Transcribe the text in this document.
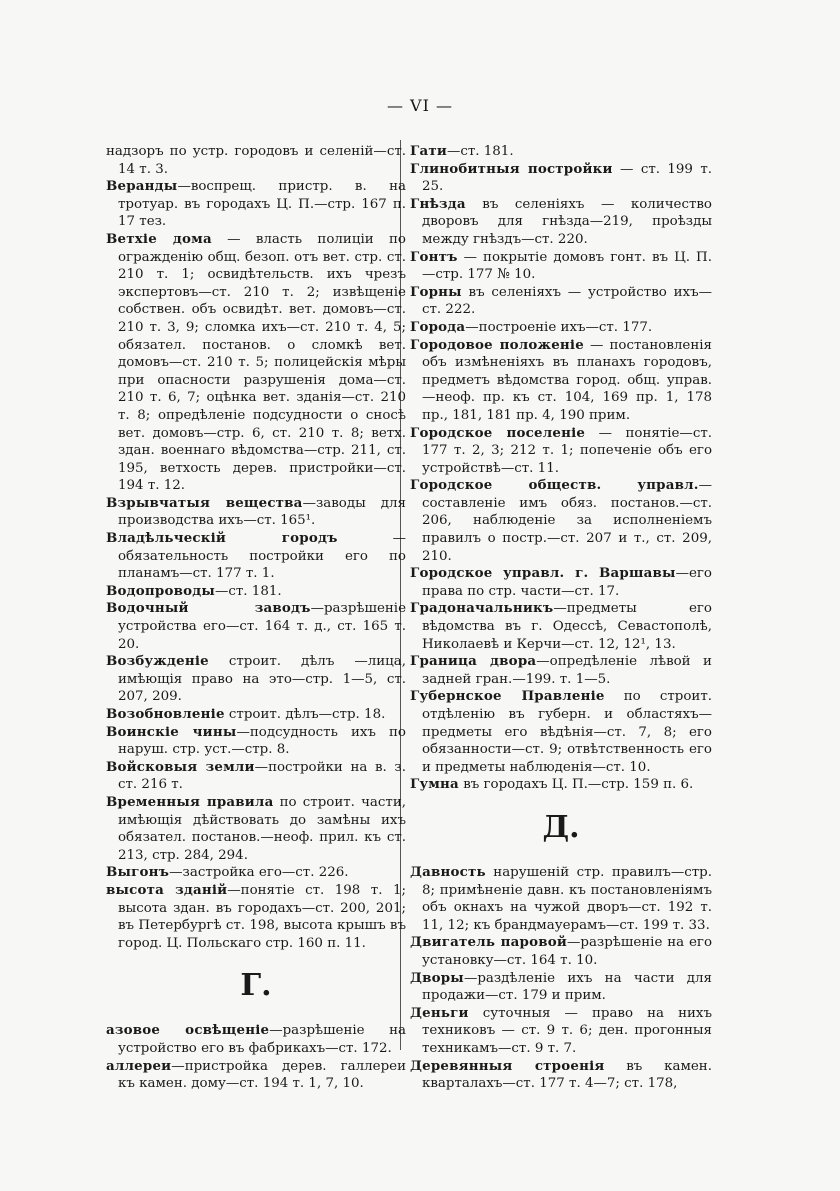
— VI —
надзоръ по устр. городовъ и селеній—ст. 14 т. 3.
Веранды—воспрещ. пристр. в. на тротуар. въ городахъ Ц. П.—стр. 167 п. 17 тез.
Ветхіе дома — власть полиціи по огражденію общ. безоп. отъ вет. стр. ст. 210 т. 1; освидѣтельств. ихъ чрезъ экспертовъ—ст. 210 т. 2; извѣщеніе собствен. объ освидѣт. вет. домовъ—ст. 210 т. 3, 9; сломка ихъ—ст. 210 т. 4, 5; обязател. постанов. о сломкѣ вет. домовъ—ст. 210 т. 5; полицейскія мѣры при опасности разрушенія дома—ст. 210 т. 6, 7; оцѣнка вет. зданія—ст. 210 т. 8; опредѣленіе подсудности о сносѣ вет. домовъ—стр. 6, ст. 210 т. 8; ветх. здан. военнаго вѣдомства—стр. 211, ст. 195, ветхость дерев. пристройки—ст. 194 т. 12.
Взрывчатыя вещества—заводы для производства ихъ—ст. 165¹.
Владѣльческій городъ — обязательность постройки его по планамъ—ст. 177 т. 1.
Водопроводы—ст. 181.
Водочный заводъ—разрѣшеніе устройства его—ст. 164 т. д., ст. 165 т. 20.
Возбужденіе строит. дѣлъ —лица, имѣющія право на это—стр. 1—5, ст. 207, 209.
Возобновленіе строит. дѣлъ—стр. 18.
Воинскіе чины—подсудность ихъ по наруш. стр. уст.—стр. 8.
Войсковыя земли—постройки на в. з. ст. 216 т.
Временныя правила по строит. части, имѣющія дѣйствовать до замѣны ихъ обязател. постанов.—неоф. прил. къ ст. 213, стр. 284, 294.
Выгонъ—застройка его—ст. 226.
высота зданій—понятіе ст. 198 т. 1; высота здан. въ городахъ—ст. 200, 201; въ Петербургѣ ст. 198, высота крышъ въ город. Ц. Польскаго стр. 160 п. 11.
Г.
азовое освѣщеніе—разрѣшеніе на устройство его въ фабрикахъ—ст. 172.
аллереи—пристройка дерев. галлереи къ камен. дому—ст. 194 т. 1, 7, 10.
Гати—ст. 181.
Глинобитныя постройки — ст. 199 т. 25.
Гнѣзда въ селеніяхъ — количество дворовъ для гнѣзда—219, проѣзды между гнѣздъ—ст. 220.
Гонтъ — покрытіе домовъ гонт. въ Ц. П.—стр. 177 № 10.
Горны въ селеніяхъ — устройство ихъ—ст. 222.
Города—построеніе ихъ—ст. 177.
Городовое положеніе — постановленія объ измѣненіяхъ въ планахъ городовъ, предметъ вѣдомства город. общ. управ.—неоф. пр. къ ст. 104, 169 пр. 1, 178 пр., 181, 181 пр. 4, 190 прим.
Городское поселеніе — понятіе—ст. 177 т. 2, 3; 212 т. 1; попеченіе объ его устройствѣ—ст. 11.
Городское обществ. управл.—составленіе имъ обяз. постанов.—ст. 206, наблюденіе за исполненіемъ правилъ о постр.—ст. 207 и т., ст. 209, 210.
Городское управл. г. Варшавы—его права по стр. части—ст. 17.
Градоначальникъ—предметы его вѣдомства въ г. Одессѣ, Севастополѣ, Николаевѣ и Керчи—ст. 12, 12¹, 13.
Граница двора—опредѣленіе лѣвой и задней гран.—199. т. 1—5.
Губернское Правленіе по строит. отдѣленію въ губерн. и областяхъ—предметы его вѣдѣнія—ст. 7, 8; его обязанности—ст. 9; отвѣтственность его и предметы наблюденія—ст. 10.
Гумна въ городахъ Ц. П.—стр. 159 п. 6.
Д.
Давность нарушеній стр. правилъ—стр. 8; примѣненіе давн. къ постановленіямъ объ окнахъ на чужой дворъ—ст. 192 т. 11, 12; къ брандмауерамъ—ст. 199 т. 33.
Двигатель паровой—разрѣшеніе на его установку—ст. 164 т. 10.
Дворы—раздѣленіе ихъ на части для продажи—ст. 179 и прим.
Деньги суточныя — право на нихъ техниковъ — ст. 9 т. 6; ден. прогонныя техникамъ—ст. 9 т. 7.
Деревянныя строенія въ камен. кварталахъ—ст. 177 т. 4—7; ст. 178,
